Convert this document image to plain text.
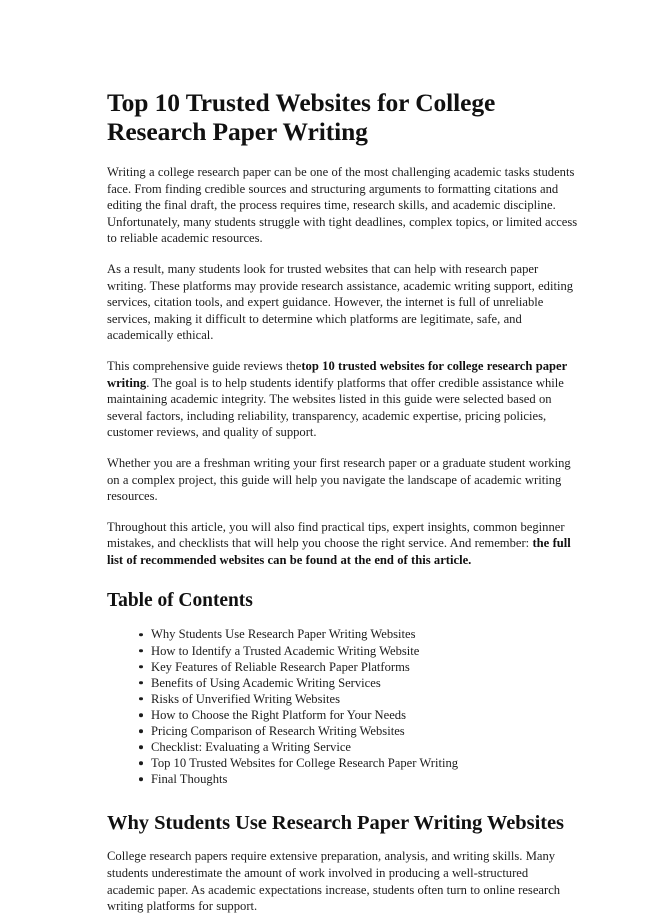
Top 10 Trusted Websites for College Research Paper Writing

Writing a college research paper can be one of the most challenging academic tasks students face. From finding credible sources and structuring arguments to formatting citations and editing the final draft, the process requires time, research skills, and academic discipline. Unfortunately, many students struggle with tight deadlines, complex topics, or limited access to reliable academic resources.

As a result, many students look for trusted websites that can help with research paper writing. These platforms may provide research assistance, academic writing support, editing services, citation tools, and expert guidance. However, the internet is full of unreliable services, making it difficult to determine which platforms are legitimate, safe, and academically ethical.

This comprehensive guide reviews thetop 10 trusted websites for college research paper writing. The goal is to help students identify platforms that offer credible assistance while maintaining academic integrity. The websites listed in this guide were selected based on several factors, including reliability, transparency, academic expertise, pricing policies, customer reviews, and quality of support.

Whether you are a freshman writing your first research paper or a graduate student working on a complex project, this guide will help you navigate the landscape of academic writing resources.

Throughout this article, you will also find practical tips, expert insights, common beginner mistakes, and checklists that will help you choose the right service. And remember: the full list of recommended websites can be found at the end of this article.

Table of Contents
Why Students Use Research Paper Writing Websites
How to Identify a Trusted Academic Writing Website
Key Features of Reliable Research Paper Platforms
Benefits of Using Academic Writing Services
Risks of Unverified Writing Websites
How to Choose the Right Platform for Your Needs
Pricing Comparison of Research Writing Websites
Checklist: Evaluating a Writing Service
Top 10 Trusted Websites for College Research Paper Writing
Final Thoughts
Why Students Use Research Paper Writing Websites

College research papers require extensive preparation, analysis, and writing skills. Many students underestimate the amount of work involved in producing a well-structured academic paper. As academic expectations increase, students often turn to online research writing platforms for support.
